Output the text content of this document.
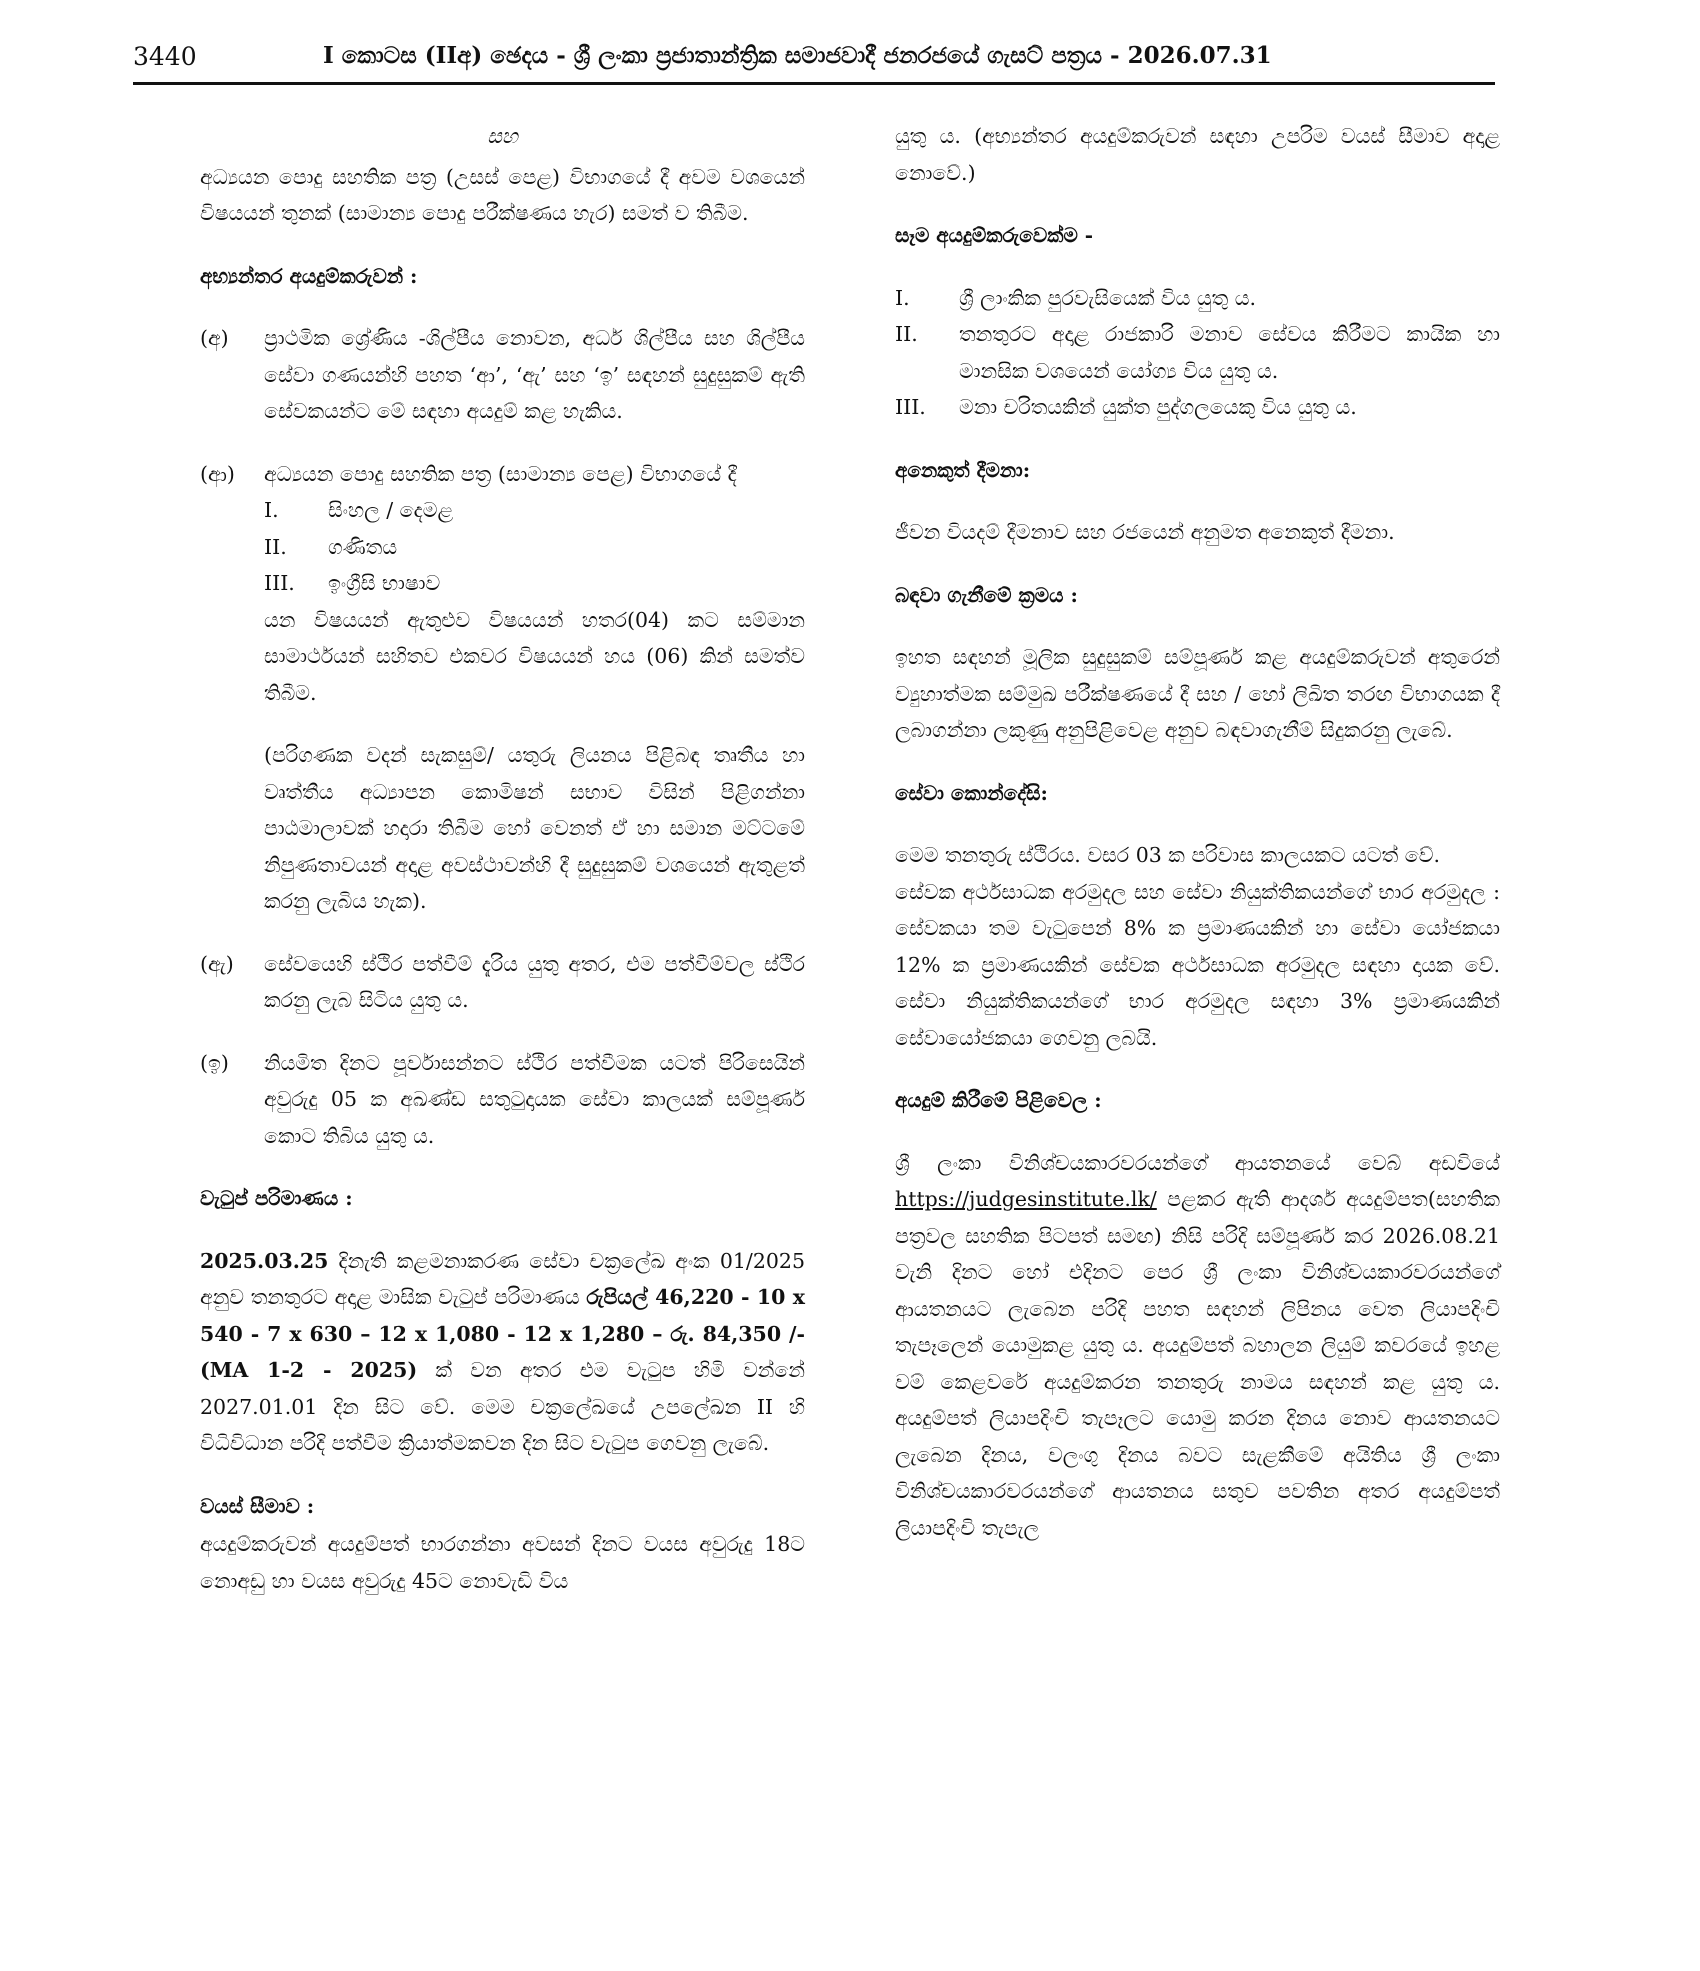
3440	I කොටස (IIඅ) ඡෙදය - ශ්‍රී ලංකා ප්‍රජාතාන්ත්‍රික සමාජවාදී ජනරජයේ ගැසට් පත්‍රය - 2026.07.31

සහ

අධ්‍යයන පොදු සහතික පත්‍ර (උසස් පෙළ) විභාගයේ දී අවම වශයෙන් විෂයයන් තුනක් (සාමාන්‍ය පොදු පරීක්ෂණය හැර) සමත් ව තිබීම.

අභ්‍යන්තර අයදුම්කරුවන් :

(අ)	ප්‍රාථමික ශ්‍රේණිය -ශිල්පීය නොවන, අර්ධ ශිල්පීය සහ ශිල්පීය සේවා ගණයන්හි පහත ‘ආ’, ‘ඇ’ සහ ‘ඉ’ සඳහන් සුදුසුකම් ඇති සේවකයන්ට මේ සඳහා අයදුම් කළ හැකිය.
(ආ)	අධ්‍යයන පොදු සහතික පත්‍ර (සාමාන්‍ය පෙළ) විභාගයේ දී

I.	සිංහල / දෙමළ
II.	ගණිතය
III.	ඉංග්‍රීසි භාෂාව

යන විෂයයන් ඇතුළුව විෂයයන් හතර(04) කට සම්මාන සාමාර්ථයන් සහිතව එකවර විෂයයන් හය (06) කින් සමත්ව තිබීම.

(පරිගණක වදන් සැකසුම්/ යතුරු ලියනය පිළිබඳ තෘතීය හා වෘත්තීය අධ්‍යාපන කොමිෂන් සභාව විසින් පිළිගන්නා පාඨමාලාවක් හදාරා තිබීම හෝ වෙනත් ඒ හා සමාන මට්ටමේ නිපුණතාවයන් අදාළ අවස්ථාවන්හි දී සුදුසුකම් වශයෙන් ඇතුළත් කරනු ලැබිය හැක).

(ඇ)	සේවයෙහි ස්ථිර පත්වීම් දැරිය යුතු අතර, එම පත්වීම්වල ස්ථිර කරනු ලැබ සිටිය යුතු ය.
(ඉ)	නියමිත දිනට පූර්වාසන්නට ස්ථිර පත්වීමක යටත් පිරිසෙයින් අවුරුදු 05 ක අඛණ්ඩ සතුටුදායක සේවා කාලයක් සම්පූර්ණ කොට තිබිය යුතු ය.

වැටුප් පරිමාණය :

2025.03.25 දිනැති කළමනාකරණ සේවා චක්‍රලේඛ අංක 01/2025 අනුව තනතුරට අදාළ මාසික වැටුප් පරිමාණය රුපියල් 46,220 - 10 x 540 - 7 x 630 – 12 x 1,080 - 12 x 1,280 – රු. 84,350 /-(MA 1-2 - 2025) ක් වන අතර එම වැටුප හිමි වන්නේ 2027.01.01 දින සිට වේ. මෙම චක්‍රලේඛයේ උපලේඛන II හි විධිවිධාන පරිදි පත්වීම ක්‍රියාත්මකවන දින සිට වැටුප ගෙවනු ලැබේ.

වයස් සීමාව :

අයදුම්කරුවන් අයදුම්පත් භාරගන්නා අවසන් දිනට වයස අවුරුදු 18ට නොඅඩු හා වයස අවුරුදු 45ට නොවැඩි විය

යුතු ය. (අභ්‍යන්තර අයදුම්කරුවන් සඳහා උපරිම වයස් සීමාව අදාළ නොවේ.)

සෑම අයදුම්කරුවෙක්ම -

I.	ශ්‍රී ලාංකික පුරවැසියෙක් විය යුතු ය.
II.	තනතුරට අදාළ රාජකාරි මනාව සේවය කිරීමට කායික හා මානසික වශයෙන් යෝග්‍ය විය යුතු ය.
III.	මනා චරිතයකින් යුක්ත පුද්ගලයෙකු විය යුතු ය.

අනෙකුත් දීමනා:

ජීවන වියදම් දීමනාව සහ රජයෙන් අනුමත අනෙකුත් දීමනා.

බඳවා ගැනීමේ ක්‍රමය :

ඉහත සඳහන් මූලික සුදුසුකම් සම්පූර්ණ කළ අයදුම්කරුවන් අතුරෙන් ව්‍යුහාත්මක සම්මුඛ පරීක්ෂණයේ දී සහ / හෝ ලිඛිත තරඟ විභාගයක දී ලබාගන්නා ලකුණු අනුපිළිවෙළ අනුව බඳවාගැනීම් සිදුකරනු ලැබේ.

සේවා කොන්දේසි:

මෙම තනතුරු ස්ථිරය. වසර 03 ක පරිවාස කාලයකට යටත් වේ.

සේවක අර්ථසාධක අරමුදල සහ සේවා නියුක්තිකයන්ගේ භාර අරමුදල : සේවකයා තම වැටුපෙන් 8% ක ප්‍රමාණයකින් හා සේවා යෝජකයා 12% ක ප්‍රමාණයකින් සේවක අර්ථසාධක අරමුදල සඳහා දායක වේ. සේවා නියුක්තිකයන්ගේ භාර අරමුදල සඳහා 3% ප්‍රමාණයකින් සේවායෝජකයා ගෙවනු ලබයි.

අයදුම් කිරීමේ පිළිවෙල :

ශ්‍රී ලංකා විනිශ්චයකාරවරයන්ගේ ආයතනයේ වෙබ් අඩවියේ https://judgesinstitute.lk/ පළකර ඇති ආදර්ශ අයදුම්පත(සහතික පත්‍රවල සහතික පිටපත් සමඟ) නිසි පරිදි සම්පූර්ණ කර 2026.08.21 වැනි දිනට හෝ එදිනට පෙර ශ්‍රී ලංකා විනිශ්චයකාරවරයන්ගේ ආයතනයට ලැබෙන පරිදි පහත සඳහන් ලිපිනය වෙත ලියාපදිංචි තැපෑලෙන් යොමුකළ යුතු ය. අයදුම්පත් බහාලන ලියුම් කවරයේ ඉහළ වම් කෙළවරේ අයදුම්කරන තනතුරු නාමය සඳහන් කළ යුතු ය. අයදුම්පත් ලියාපදිංචි තැපෑලට යොමු කරන දිනය නොව ආයතනයට ලැබෙන දිනය, වලංගු දිනය බවට සැළකීමේ අයිතිය ශ්‍රී ලංකා විනිශ්චයකාරවරයන්ගේ ආයතනය සතුව පවතින අතර අයදුම්පත් ලියාපදිංචි තැපැල
